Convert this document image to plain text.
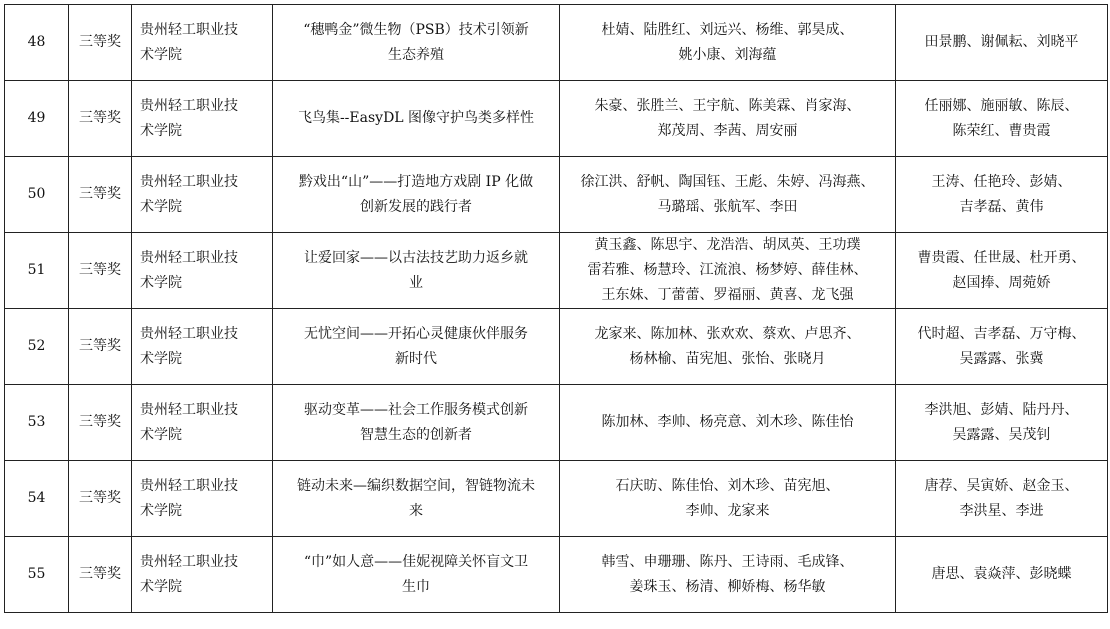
48	三等奖	贵州轻工职业技
术学院	“穗鸭金”微生物（PSB）技术引领新
生态养殖	杜婧、陆胜红、刘远兴、杨维、郭昊成、
姚小康、刘海蕴	田景鹏、谢佩耘、刘晓平

49	三等奖	贵州轻工职业技
术学院	飞鸟集--EasyDL 图像守护鸟类多样性	朱豪、张胜兰、王宇航、陈美霖、肖家海、
郑茂周、李茜、周安丽	任丽娜、施丽敏、陈辰、
陈荣红、曹贵霞

50	三等奖	贵州轻工职业技
术学院	黔戏出“山”——打造地方戏剧 IP 化做
创新发展的践行者	徐江洪、舒帆、陶国钰、王彪、朱婷、冯海燕、
马璐瑶、张航军、李田	王涛、任艳玲、彭婧、
吉孝磊、黄伟

51	三等奖	贵州轻工职业技
术学院	让爱回家——以古法技艺助力返乡就
业	黄玉鑫、陈思宇、龙浩浩、胡凤英、王功璞
雷若雅、杨慧玲、江流浪、杨梦婷、薛佳林、
王东妹、丁蕾蕾、罗福丽、黄喜、龙飞强	曹贵霞、任世晟、杜开勇、
赵国捧、周菀娇

52	三等奖	贵州轻工职业技
术学院	无忧空间——开拓心灵健康伙伴服务
新时代	龙家来、陈加林、张欢欢、蔡欢、卢思齐、
杨林榆、苗宪旭、张怡、张晓月	代时超、吉孝磊、万守梅、
吴露露、张冀

53	三等奖	贵州轻工职业技
术学院	驱动变革——社会工作服务模式创新
智慧生态的创新者	陈加林、李帅、杨亮意、刘木珍、陈佳怡	李洪旭、彭婧、陆丹丹、
吴露露、吴茂钊

54	三等奖	贵州轻工职业技
术学院	链动未来—编织数据空间，智链物流未
来	石庆昉、陈佳怡、刘木珍、苗宪旭、
李帅、龙家来	唐荐、吴寅娇、赵金玉、
李洪星、李进

55	三等奖	贵州轻工职业技
术学院	“巾”如人意——佳妮视障关怀盲文卫
生巾	韩雪、申珊珊、陈丹、王诗雨、毛成锋、
姜珠玉、杨清、柳娇梅、杨华敏	唐思、袁焱萍、彭晓蝶
